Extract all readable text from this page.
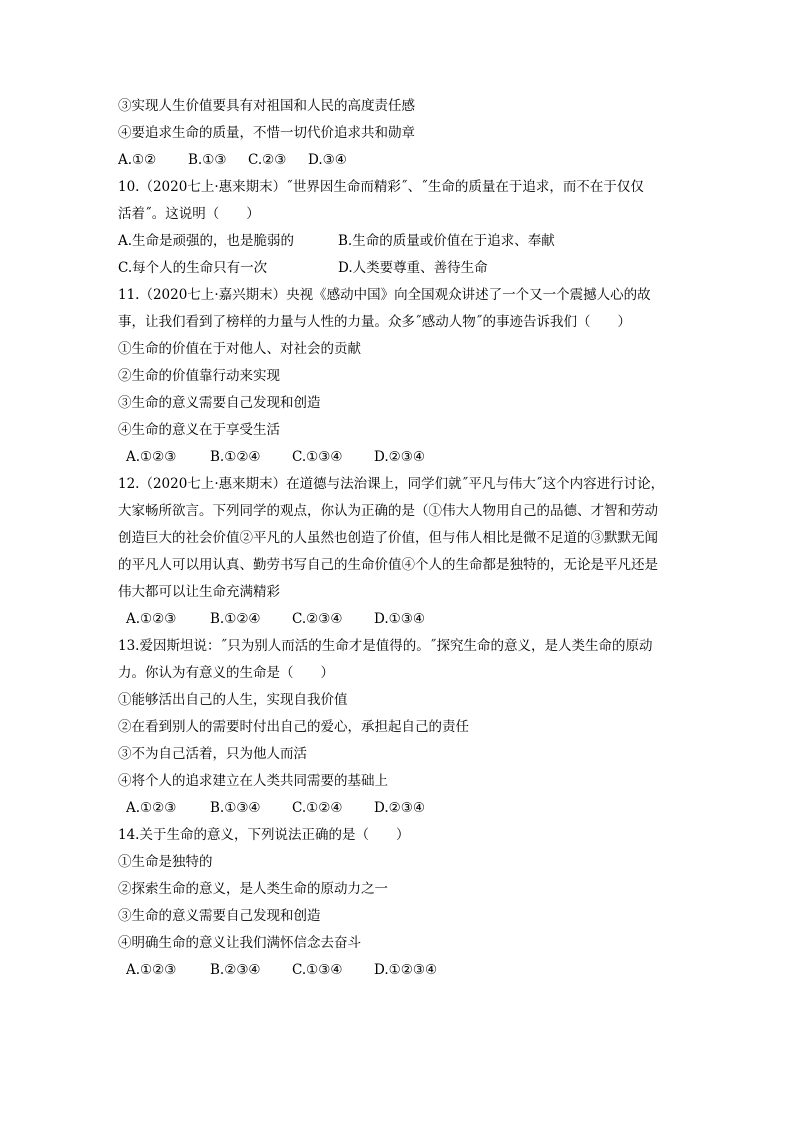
③实现人生价值要具有对祖国和人民的高度责任感
④要追求生命的质量，不惜一切代价追求共和勋章
A.①②	B.①③	C.②③	D.③④
10.（2020七上·惠来期末）˝世界因生命而精彩˝、˝生命的质量在于追求，而不在于仅仅
活着˝。这说明（　　）
A.生命是顽强的，也是脆弱的	B.生命的质量或价值在于追求、奉献
C.每个人的生命只有一次	D.人类要尊重、善待生命
11.（2020七上·嘉兴期末）央视《感动中国》向全国观众讲述了一个又一个震撼人心的故
事，让我们看到了榜样的力量与人性的力量。众多˝感动人物˝的事迹告诉我们（　　）
①生命的价值在于对他人、对社会的贡献
②生命的价值靠行动来实现
③生命的意义需要自己发现和创造
④生命的意义在于享受生活
A.①②③	B.①②④	C.①③④	D.②③④
12.（2020七上·惠来期末）在道德与法治课上，同学们就˝平凡与伟大˝这个内容进行讨论，
大家畅所欲言。下列同学的观点，你认为正确的是（①伟大人物用自己的品德、才智和劳动
创造巨大的社会价值②平凡的人虽然也创造了价值，但与伟人相比是微不足道的③默默无闻
的平凡人可以用认真、勤劳书写自己的生命价值④个人的生命都是独特的，无论是平凡还是
伟大都可以让生命充满精彩
A.①②③	B.①②④	C.②③④	D.①③④
13.爱因斯坦说：˝只为别人而活的生命才是值得的。˝探究生命的意义，是人类生命的原动
力。你认为有意义的生命是（　　）
①能够活出自己的人生，实现自我价值
②在看到别人的需要时付出自己的爱心，承担起自己的责任
③不为自己活着，只为他人而活
④将个人的追求建立在人类共同需要的基础上
A.①②③	B.①③④	C.①②④	D.②③④
14.关于生命的意义，下列说法正确的是（　　）
①生命是独特的
②探索生命的意义，是人类生命的原动力之一
③生命的意义需要自己发现和创造
④明确生命的意义让我们满怀信念去奋斗
A.①②③	B.②③④	C.①③④	D.①②③④
